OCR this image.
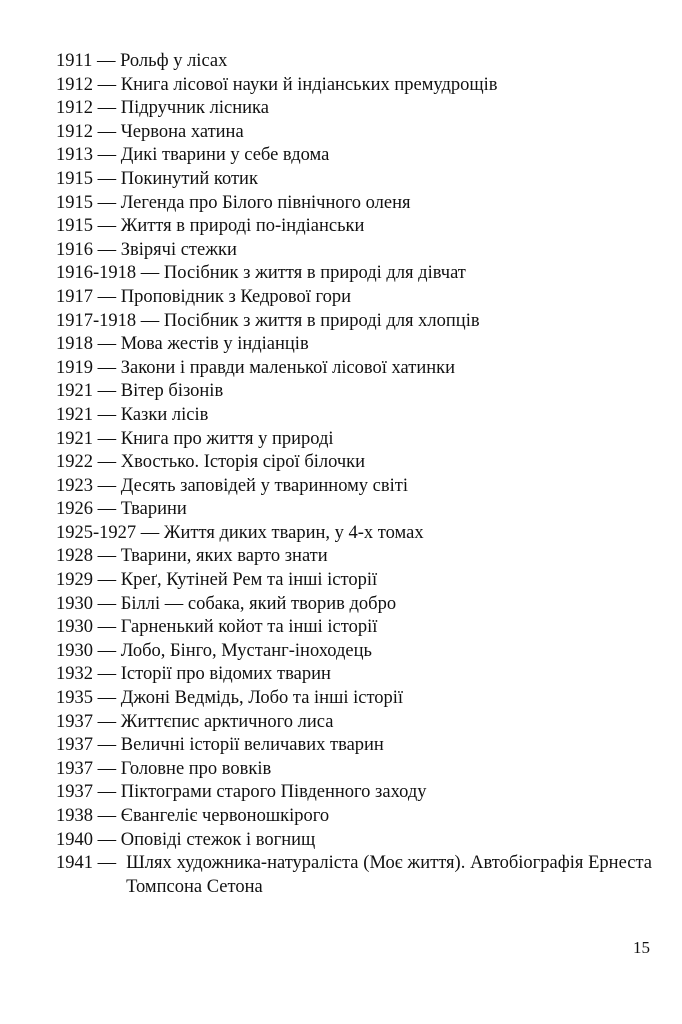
1911 — Рольф у лісах
1912 — Книга лісової науки й індіанських премудрощів
1912 — Підручник лісника
1912 — Червона хатина
1913 — Дикі тварини у себе вдома
1915 — Покинутий котик
1915 — Легенда про Білого північного оленя
1915 — Життя в природі по-індіанськи
1916 — Звірячі стежки
1916-1918 — Посібник з життя в природі для дівчат
1917 — Проповідник з Кедрової гори
1917-1918 — Посібник з життя в природі для хлопців
1918 — Мова жестів у індіанців
1919 — Закони і правди маленької лісової хатинки
1921 — Вітер бізонів
1921 — Казки лісів
1921 — Книга про життя у природі
1922 — Хвостько. Історія сірої білочки
1923 — Десять заповідей у тваринному світі
1926 — Тварини
1925-1927 — Життя диких тварин, у 4-х томах
1928 — Тварини, яких варто знати
1929 — Креґ, Кутіней Рем та інші історії
1930 — Біллі — собака, який творив добро
1930 — Гарненький койот та інші історії
1930 — Лобо, Бінго, Мустанг-іноходець
1932 — Історії про відомих тварин
1935 — Джоні Ведмідь, Лобо та інші історії
1937 — Життєпис арктичного лиса
1937 — Величні історії величавих тварин
1937 — Головне про вовків
1937 — Піктограми старого Південного заходу
1938 — Євангеліє червоношкірого
1940 — Оповіді стежок і вогнищ
1941 — Шлях художника-натураліста (Моє життя). Автобіографія Ернеста Томпсона Сетона
15
